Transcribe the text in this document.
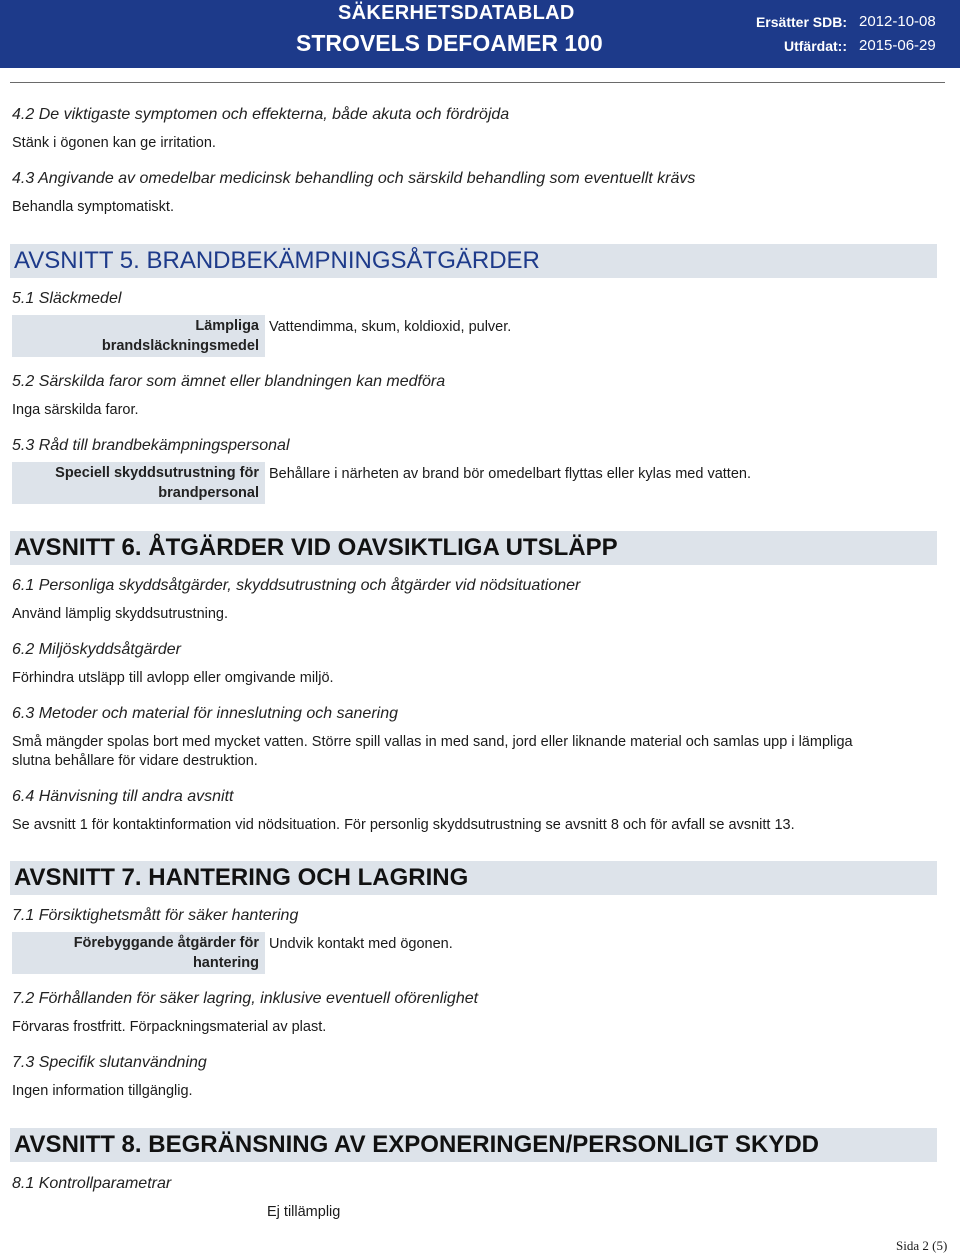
SÄKERHETSDATABLAD
STROVELS DEFOAMER 100
Ersätter SDB: 2012-10-08
Utfärdat:: 2015-06-29
4.2 De viktigaste symptomen och effekterna, både akuta och fördröjda
Stänk i ögonen kan ge irritation.
4.3 Angivande av omedelbar medicinsk behandling och särskild behandling som eventuellt krävs
Behandla symptomatiskt.
AVSNITT 5. BRANDBEKÄMPNINGSÅTGÄRDER
5.1 Släckmedel
Lämpliga
brandsläckningsmedel
Vattendimma, skum, koldioxid, pulver.
5.2 Särskilda faror som ämnet eller blandningen kan medföra
Inga särskilda faror.
5.3 Råd till brandbekämpningspersonal
Speciell skyddsutrustning för
brandpersonal
Behållare i närheten av brand bör omedelbart flyttas eller kylas med vatten.
AVSNITT 6. ÅTGÄRDER VID OAVSIKTLIGA UTSLÄPP
6.1 Personliga skyddsåtgärder, skyddsutrustning och åtgärder vid nödsituationer
Använd lämplig skyddsutrustning.
6.2 Miljöskyddsåtgärder
Förhindra utsläpp till avlopp eller omgivande miljö.
6.3 Metoder och material för inneslutning och sanering
Små mängder spolas bort med mycket vatten. Större spill vallas in med sand, jord eller liknande material och samlas upp i lämpliga
slutna behållare för vidare destruktion.
6.4 Hänvisning till andra avsnitt
Se avsnitt 1 för kontaktinformation vid nödsituation. För personlig skyddsutrustning se avsnitt 8 och för avfall se avsnitt 13.
AVSNITT 7. HANTERING OCH LAGRING
7.1 Försiktighetsmått för säker hantering
Förebyggande åtgärder för
hantering
Undvik kontakt med ögonen.
7.2 Förhållanden för säker lagring, inklusive eventuell oförenlighet
Förvaras frostfritt. Förpackningsmaterial av plast.
7.3 Specifik slutanvändning
Ingen information tillgänglig.
AVSNITT 8. BEGRÄNSNING AV EXPONERINGEN/PERSONLIGT SKYDD
8.1 Kontrollparametrar
Ej tillämplig
Sida 2 (5)
